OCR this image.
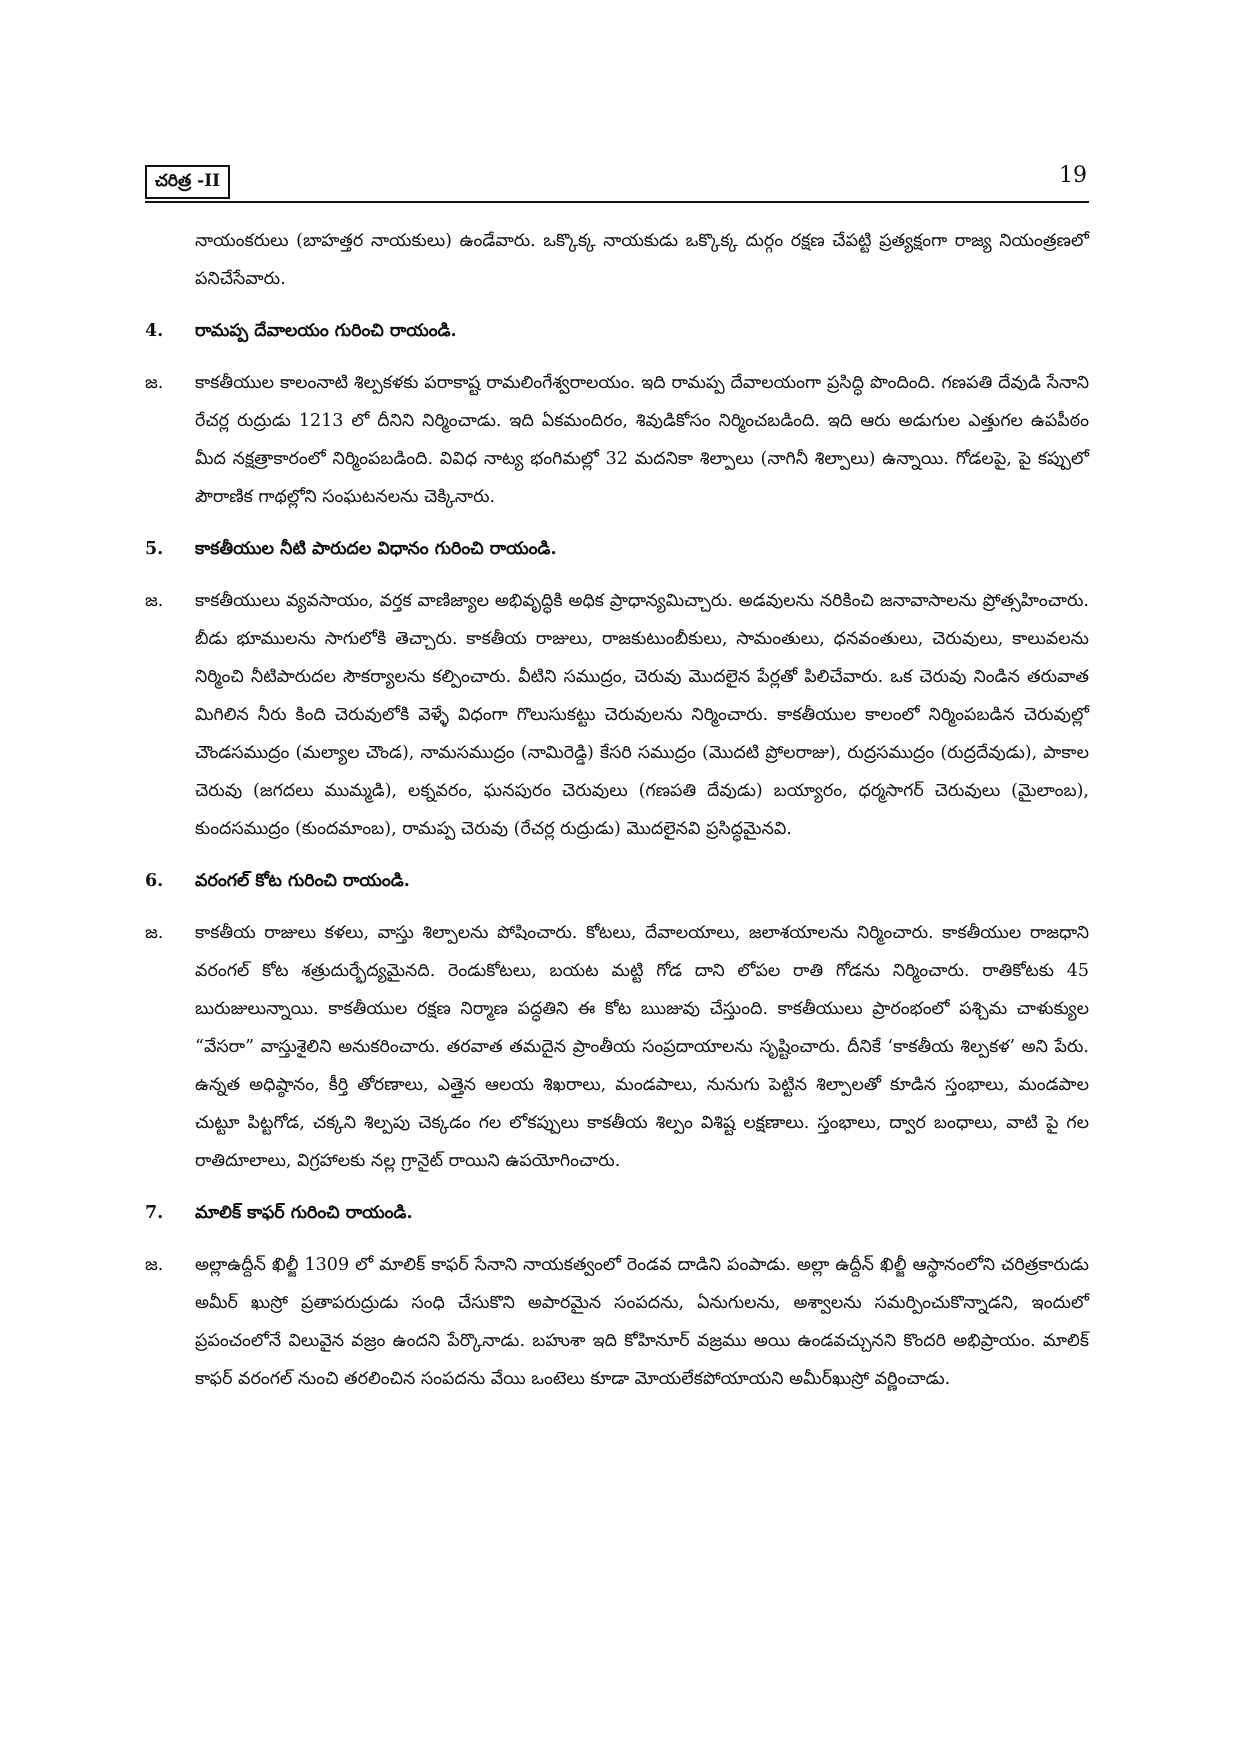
చరిత్ర -II	19
నాయంకరులు (బాహత్తర నాయకులు) ఉండేవారు. ఒక్కొక్క నాయకుడు ఒక్కొక్క దుర్గం రక్షణ చేపట్టి ప్రత్యక్షంగా రాజ్య నియంత్రణలో పనిచేసేవారు.
4.	రామప్ప దేవాలయం గురించి రాయండి.
జ.	కాకతీయుల కాలంనాటి శిల్పకళకు పరాకాష్ట రామలింగేశ్వరాలయం. ఇది రామప్ప దేవాలయంగా ప్రసిద్ధి పొందింది. గణపతి దేవుడి సేనాని రేచర్ల రుద్రుడు 1213 లో దీనిని నిర్మించాడు. ఇది ఏకమందిరం, శివుడికోసం నిర్మించబడింది. ఇది ఆరు అడుగుల ఎత్తుగల ఉపపీఠం మీద నక్షత్రాకారంలో నిర్మింపబడింది. వివిధ నాట్య భంగిమల్లో 32 మదనికా శిల్పాలు (నాగినీ శిల్పాలు) ఉన్నాయి. గోడలపై, పై కప్పులో పౌరాణిక గాథల్లోని సంఘటనలను చెక్కినారు.
5.	కాకతీయుల నీటి పారుదల విధానం గురించి రాయండి.
జ.	కాకతీయులు వ్యవసాయం, వర్తక వాణిజ్యాల అభివృద్ధికి అధిక ప్రాధాన్యమిచ్చారు. అడవులను నరికించి జనావాసాలను ప్రోత్సహించారు. బీడు భూములను సాగులోకి తెచ్చారు. కాకతీయ రాజులు, రాజకుటుంబీకులు, సామంతులు, ధనవంతులు, చెరువులు, కాలువలను నిర్మించి నీటిపారుదల సౌకర్యాలను కల్పించారు. వీటిని సముద్రం, చెరువు మొదలైన పేర్లతో పిలిచేవారు. ఒక చెరువు నిండిన తరువాత మిగిలిన నీరు కింది చెరువులోకి వెళ్ళే విధంగా గొలుసుకట్టు చెరువులను నిర్మించారు. కాకతీయుల కాలంలో నిర్మింపబడిన చెరువుల్లో చౌండసముద్రం (మల్యాల చౌండ), నామసముద్రం (నామిరెడ్డి) కేసరి సముద్రం (మొదటి ప్రోలరాజు), రుద్రసముద్రం (రుద్రదేవుడు), పాకాల చెరువు (జగదలు ముమ్మడి), లక్నవరం, ఘనపురం చెరువులు (గణపతి దేవుడు) బయ్యారం, ధర్మసాగర్ చెరువులు (మైలాంబ), కుందసముద్రం (కుందమాంబ), రామప్ప చెరువు (రేచర్ల రుద్రుడు) మొదలైనవి ప్రసిద్ధమైనవి.
6.	వరంగల్ కోట గురించి రాయండి.
జ.	కాకతీయ రాజులు కళలు, వాస్తు శిల్పాలను పోషించారు. కోటలు, దేవాలయాలు, జలాశయాలను నిర్మించారు. కాకతీయుల రాజధాని వరంగల్ కోట శత్రుదుర్భేద్యమైనది. రెండుకోటలు, బయట మట్టి గోడ దాని లోపల రాతి గోడను నిర్మించారు. రాతికోటకు 45 బురుజులున్నాయి. కాకతీయుల రక్షణ నిర్మాణ పద్ధతిని ఈ కోట ఋజువు చేస్తుంది. కాకతీయులు ప్రారంభంలో పశ్చిమ చాళుక్యుల “వేసరా” వాస్తుశైలిని అనుకరించారు. తరవాత తమదైన ప్రాంతీయ సంప్రదాయాలను సృష్టించారు. దీనికే ‘కాకతీయ శిల్పకళ’ అని పేరు. ఉన్నత అధిష్ఠానం, కీర్తి తోరణాలు, ఎత్తైన ఆలయ శిఖరాలు, మండపాలు, నునుగు పెట్టిన శిల్పాలతో కూడిన స్తంభాలు, మండపాల చుట్టూ పిట్టగోడ, చక్కని శిల్పపు చెక్కడం గల లోకప్పులు కాకతీయ శిల్పం విశిష్ట లక్షణాలు. స్తంభాలు, ద్వార బంధాలు, వాటి పై గల రాతిదూలాలు, విగ్రహాలకు నల్ల గ్రానైట్ రాయిని ఉపయోగించారు.
7.	మాలిక్ కాఫర్ గురించి రాయండి.
జ.	అల్లాఉద్దీన్ ఖిల్జీ 1309 లో మాలిక్ కాఫర్ సేనాని నాయకత్వంలో రెండవ దాడిని పంపాడు. అల్లా ఉద్దీన్ ఖిల్జీ ఆస్థానంలోని చరిత్రకారుడు అమీర్ ఖుస్రో ప్రతాపరుద్రుడు సంధి చేసుకొని అపారమైన సంపదను, ఏనుగులను, అశ్వాలను సమర్పించుకొన్నాడని, ఇందులో ప్రపంచంలోనే విలువైన వజ్రం ఉందని పేర్కొనాడు. బహుశా ఇది కోహినూర్ వజ్రము అయి ఉండవచ్చునని కొందరి అభిప్రాయం. మాలిక్ కాఫర్ వరంగల్ నుంచి తరలించిన సంపదను వేయి ఒంటెలు కూడా మోయలేకపోయాయని అమీర్‌ఖుస్రో వర్ణించాడు.
